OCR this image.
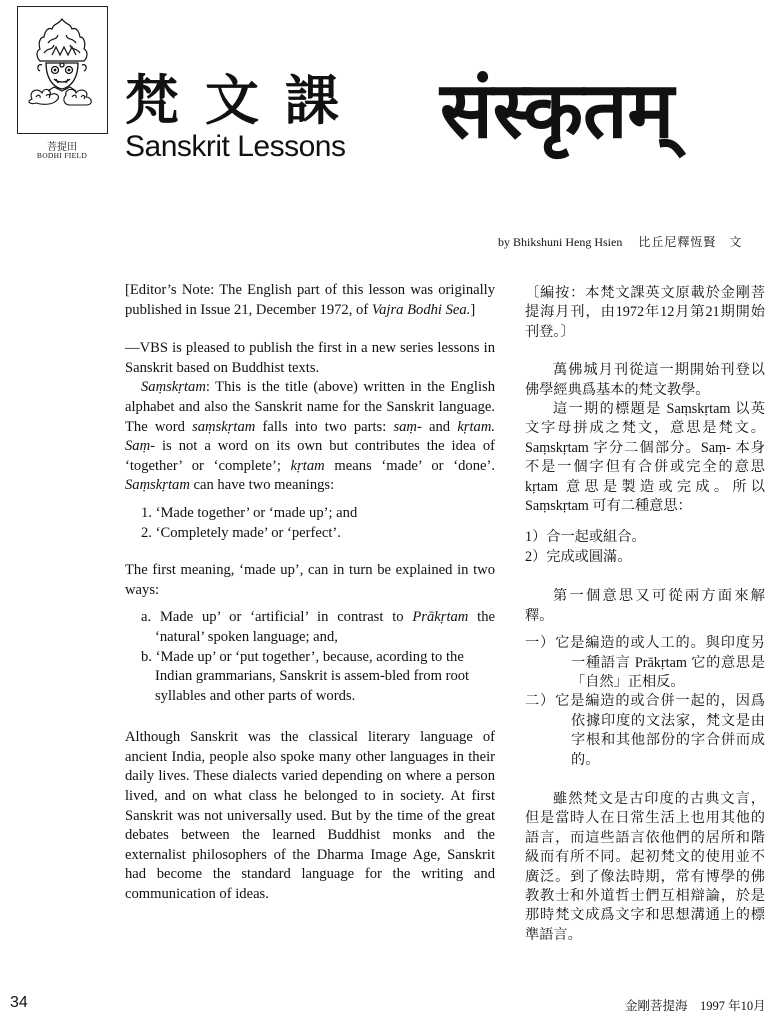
菩提田
BODHI FIELD
梵文課
Sanskrit Lessons संस्कृतम्
by Bhikshuni Heng Hsien 比丘尼釋恆賢　文

[Editor’s Note: The English part of this lesson was originally published in Issue 21, December 1972, of Vajra Bodhi Sea.]

—VBS is pleased to publish the first in a new series lessons in Sanskrit based on Buddhist texts.

Saṃskṛtam: This is the title (above) written in the English alphabet and also the Sanskrit name for the Sanskrit language. The word saṃskṛtam falls into two parts: saṃ- and kṛtam. Saṃ- is not a word on its own but contributes the idea of ‘together’ or ‘complete’; kṛtam means ‘made’ or ‘done’. Saṃskṛtam can have two meanings:

1. ‘Made together’ or ‘made up’; and
2. ‘Completely made’ or ‘perfect’.

The first meaning, ‘made up’, can in turn be explained in two ways:

a. Made up’ or ‘artificial’ in contrast to Prākṛtam the ‘natural’ spoken language; and,
b. ‘Made up’ or ‘put together’, because, acording to the Indian grammarians, Sanskrit is assem-bled from root syllables and other parts of words.

Although Sanskrit was the classical literary language of ancient India, people also spoke many other languages in their daily lives. These dialects varied depending on where a person lived, and on what class he belonged to in society. At first Sanskrit was not universally used. But by the time of the great debates between the learned Buddhist monks and the externalist philosophers of the Dharma Image Age, Sanskrit had become the standard language for the writing and communication of ideas.

〔編按：本梵文課英文原載於金剛菩提海月刊，由1972年12月第21期開始刊登。〕

萬佛城月刊從這一期開始刊登以佛學經典爲基本的梵文教學。

這一期的標題是 Saṃskṛtam 以英文字母拼成之梵文，意思是梵文。 Saṃskṛtam 字分二個部分。Saṃ- 本身不是一個字但有合併或完全的意思 kṛtam 意思是製造或完成。所以 Saṃskṛtam 可有二種意思：

1）合一起或組合。
2）完成或圓滿。

第一個意思又可從兩方面來解釋。

一）它是編造的或人工的。與印度另一種語言 Prākṛtam 它的意思是「自然」正相反。
二）它是編造的或合併一起的，因爲依據印度的文法家，梵文是由字根和其他部份的字合併而成的。

雖然梵文是古印度的古典文言，但是當時人在日常生活上也用其他的語言，而這些語言依他們的居所和階級而有所不同。起初梵文的使用並不廣泛。到了像法時期，常有博學的佛教教士和外道哲士們互相辯論，於是那時梵文成爲文字和思想溝通上的標準語言。

34	金剛菩提海　1997 年10月
